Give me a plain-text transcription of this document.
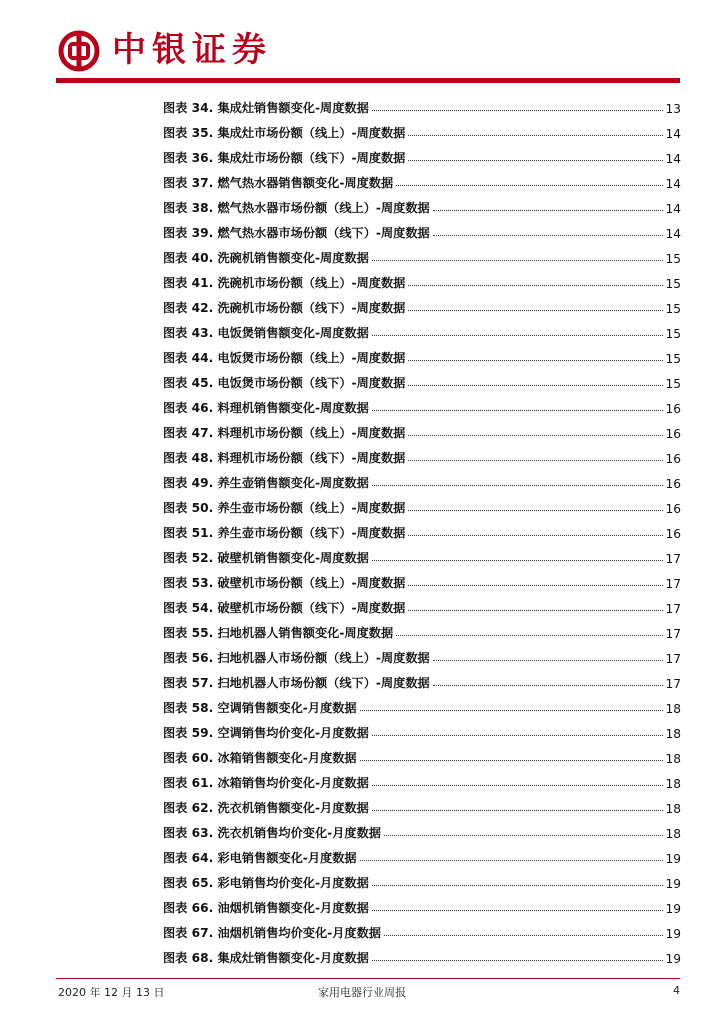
中银证券
图表 34. 集成灶销售额变化-周度数据	13
图表 35. 集成灶市场份额（线上）-周度数据	14
图表 36. 集成灶市场份额（线下）-周度数据	14
图表 37. 燃气热水器销售额变化-周度数据	14
图表 38. 燃气热水器市场份额（线上）-周度数据	14
图表 39. 燃气热水器市场份额（线下）-周度数据	14
图表 40. 洗碗机销售额变化-周度数据	15
图表 41. 洗碗机市场份额（线上）-周度数据	15
图表 42. 洗碗机市场份额（线下）-周度数据	15
图表 43. 电饭煲销售额变化-周度数据	15
图表 44. 电饭煲市场份额（线上）-周度数据	15
图表 45. 电饭煲市场份额（线下）-周度数据	15
图表 46. 料理机销售额变化-周度数据	16
图表 47. 料理机市场份额（线上）-周度数据	16
图表 48. 料理机市场份额（线下）-周度数据	16
图表 49. 养生壶销售额变化-周度数据	16
图表 50. 养生壶市场份额（线上）-周度数据	16
图表 51. 养生壶市场份额（线下）-周度数据	16
图表 52. 破壁机销售额变化-周度数据	17
图表 53. 破壁机市场份额（线上）-周度数据	17
图表 54. 破壁机市场份额（线下）-周度数据	17
图表 55. 扫地机器人销售额变化-周度数据	17
图表 56. 扫地机器人市场份额（线上）-周度数据	17
图表 57. 扫地机器人市场份额（线下）-周度数据	17
图表 58. 空调销售额变化-月度数据	18
图表 59. 空调销售均价变化-月度数据	18
图表 60. 冰箱销售额变化-月度数据	18
图表 61. 冰箱销售均价变化-月度数据	18
图表 62. 洗衣机销售额变化-月度数据	18
图表 63. 洗衣机销售均价变化-月度数据	18
图表 64. 彩电销售额变化-月度数据	19
图表 65. 彩电销售均价变化-月度数据	19
图表 66. 油烟机销售额变化-月度数据	19
图表 67. 油烟机销售均价变化-月度数据	19
图表 68. 集成灶销售额变化-月度数据	19
2020 年 12 月 13 日	家用电器行业周报	4
